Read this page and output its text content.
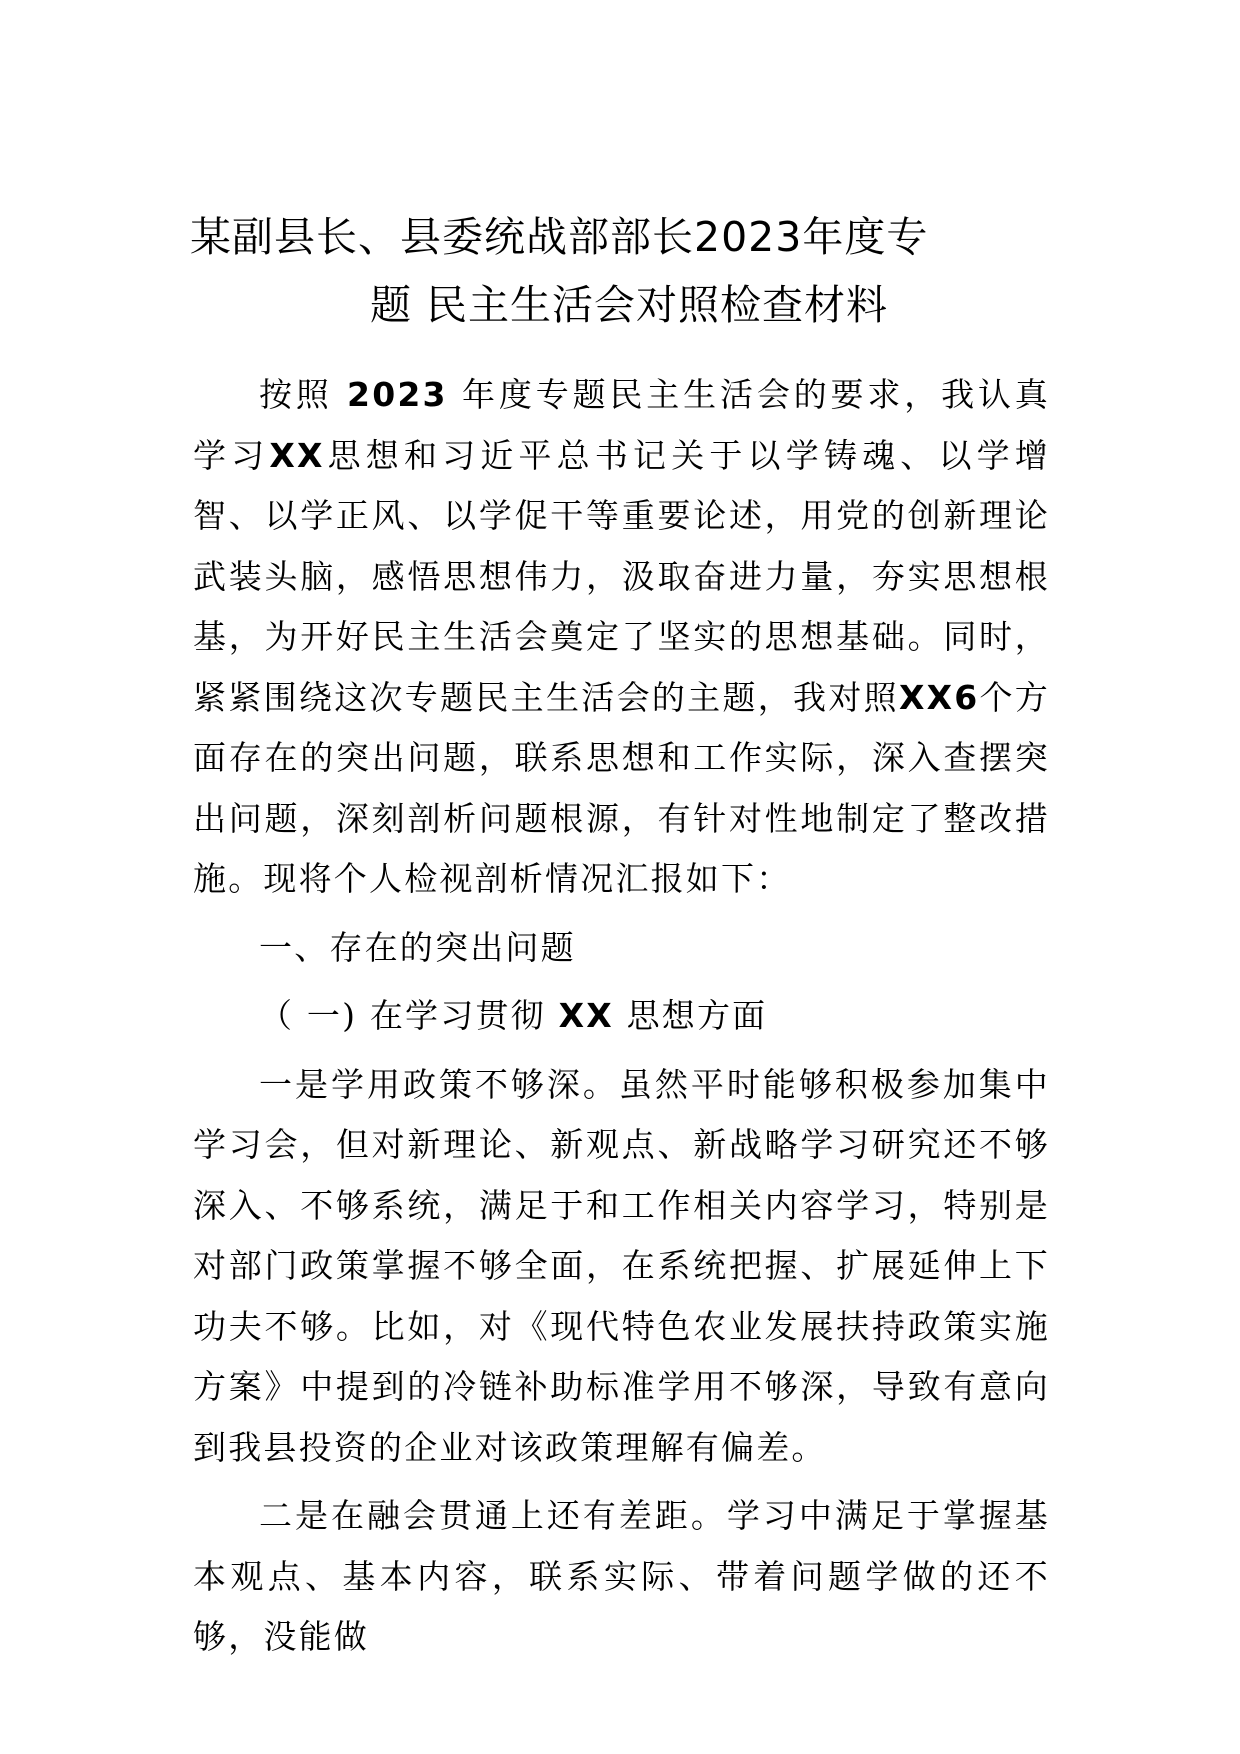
某副县长、县委统战部部长2023年度专
题 民主生活会对照检查材料

按照 2023 年度专题民主生活会的要求，我认真学习XX思想和习近平总书记关于以学铸魂、以学增智、以学正风、以学促干等重要论述，用党的创新理论武装头脑，感悟思想伟力，汲取奋进力量，夯实思想根基，为开好民主生活会奠定了坚实的思想基础。同时，紧紧围绕这次专题民主生活会的主题，我对照XX6个方面存在的突出问题，联系思想和工作实际，深入查摆突出问题，深刻剖析问题根源，有针对性地制定了整改措施。现将个人检视剖析情况汇报如下：

一、存在的突出问题

（ 一) 在学习贯彻 XX 思想方面

一是学用政策不够深。虽然平时能够积极参加集中学习会，但对新理论、新观点、新战略学习研究还不够深入、不够系统，满足于和工作相关内容学习，特别是对部门政策掌握不够全面，在系统把握、扩展延伸上下功夫不够。比如，对《现代特色农业发展扶持政策实施方案》中提到的冷链补助标准学用不够深，导致有意向到我县投资的企业对该政策理解有偏差。

二是在融会贯通上还有差距。学习中满足于掌握基本观点、基本内容，联系实际、带着问题学做的还不够，没能做
